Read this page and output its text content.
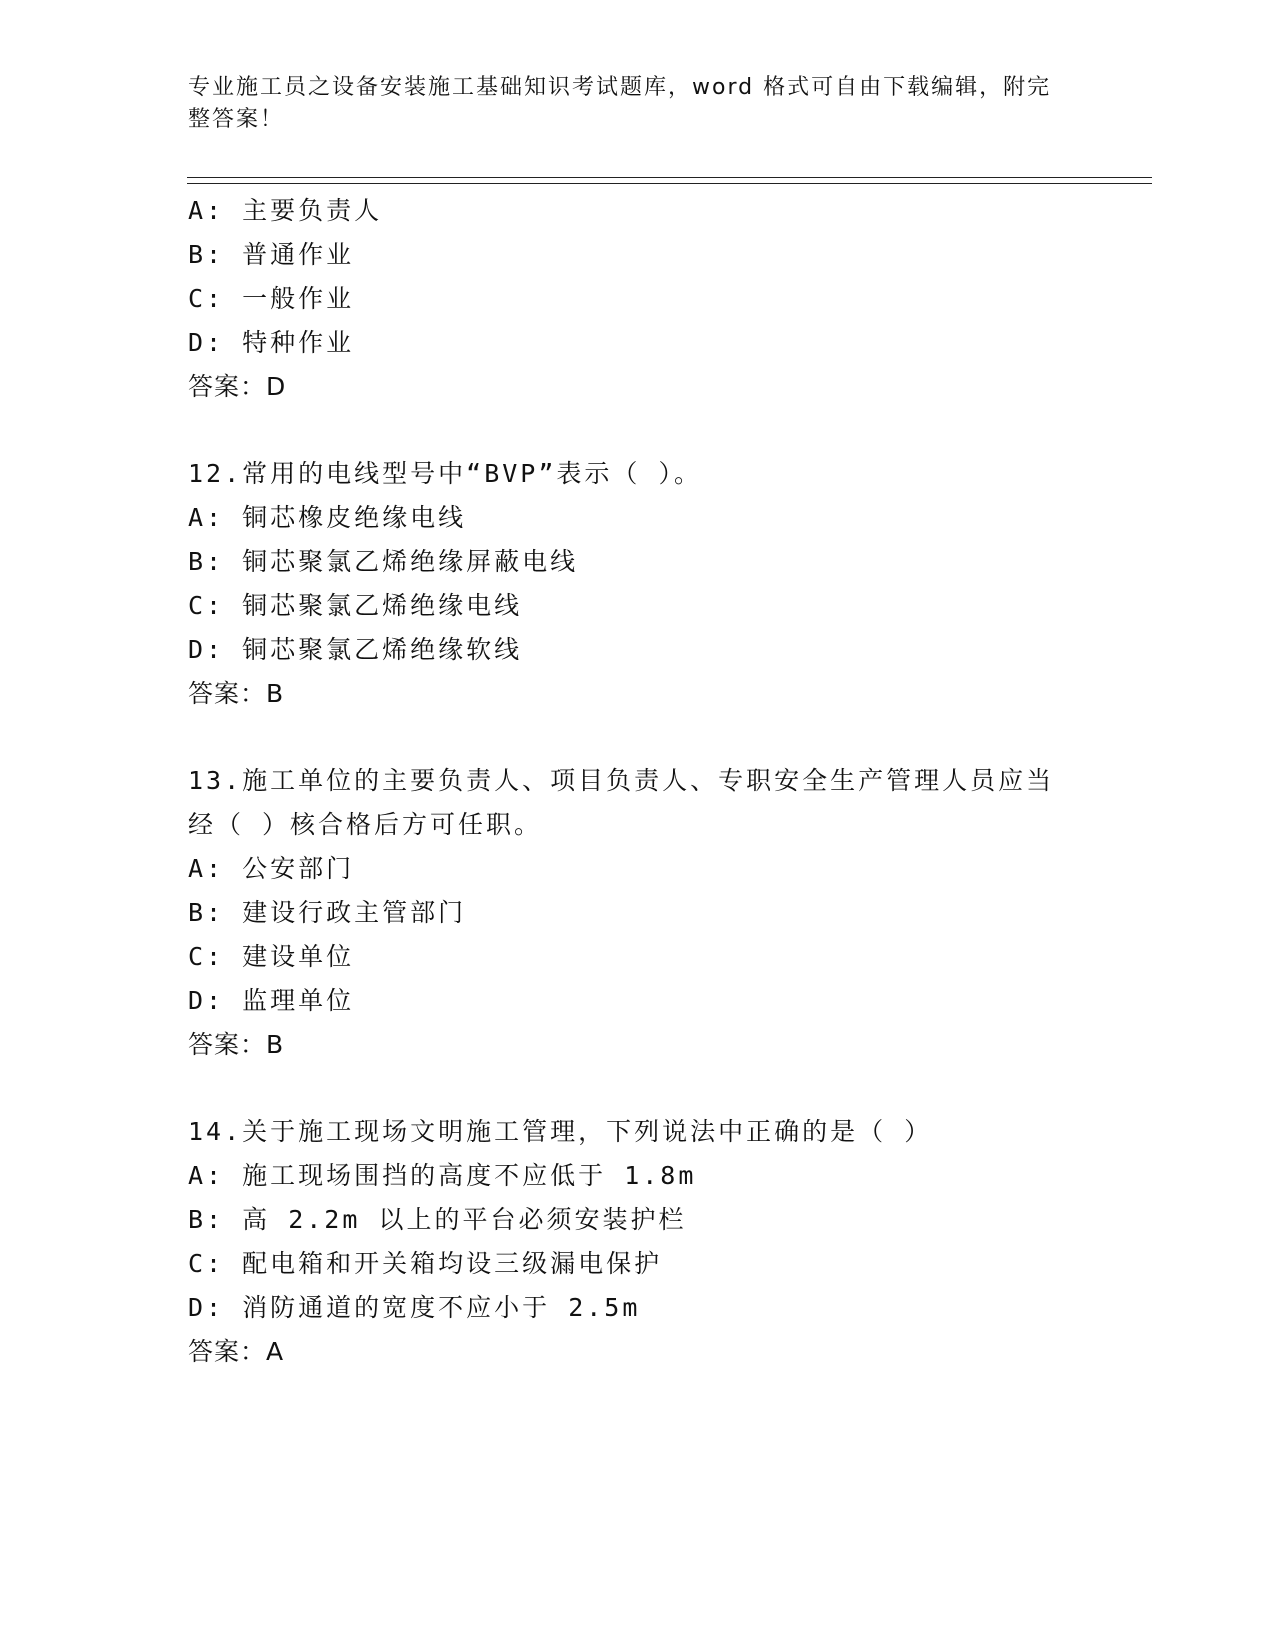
专业施工员之设备安装施工基础知识考试题库，word 格式可自由下载编辑，附完整答案！
A: 主要负责人
B: 普通作业
C: 一般作业
D: 特种作业
答案：D
12.常用的电线型号中“BVP”表示（ ）。
A: 铜芯橡皮绝缘电线
B: 铜芯聚氯乙烯绝缘屏蔽电线
C: 铜芯聚氯乙烯绝缘电线
D: 铜芯聚氯乙烯绝缘软线
答案：B
13.施工单位的主要负责人、项目负责人、专职安全生产管理人员应当
经（ ）核合格后方可任职。
A: 公安部门
B: 建设行政主管部门
C: 建设单位
D: 监理单位
答案：B
14.关于施工现场文明施工管理，下列说法中正确的是（ ）
A: 施工现场围挡的高度不应低于 1.8m
B: 高 2.2m 以上的平台必须安装护栏
C: 配电箱和开关箱均设三级漏电保护
D: 消防通道的宽度不应小于 2.5m
答案：A
